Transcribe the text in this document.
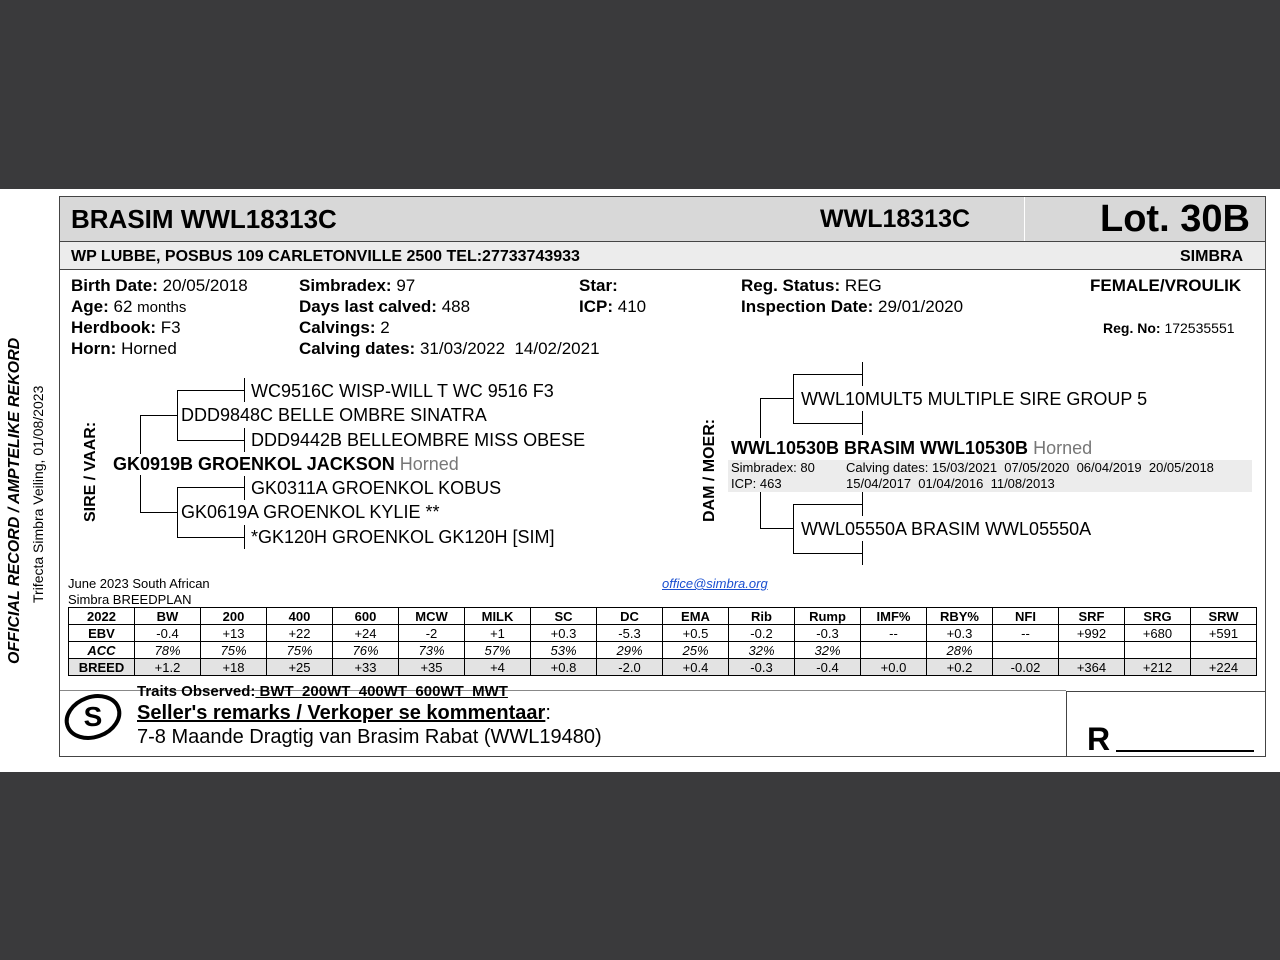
OFFICIAL RECORD / AMPTELIKE REKORD Trifecta Simbra Veiling, 01/08/2023
BRASIM WWL18313C	WWL18313C	Lot. 30B
WP LUBBE, POSBUS 109 CARLETONVILLE 2500 TEL:27733743933	SIMBRA
Birth Date: 20/05/2018
Age: 62 months
Herdbook: F3
Horn: Horned
Simbradex: 97
Days last calved: 488
Calvings: 2
Calving dates: 31/03/2022  14/02/2021
Star:
ICP: 410
Reg. Status: REG
Inspection Date: 29/01/2020
FEMALE/VROULIK
Reg. No: 172535551
SIRE / VAAR:
WC9516C WISP-WILL T WC 9516 F3
DDD9848C BELLE OMBRE SINATRA
DDD9442B BELLEOMBRE MISS OBESE
GK0919B GROENKOL JACKSON Horned
GK0311A GROENKOL KOBUS
GK0619A GROENKOL KYLIE **
*GK120H GROENKOL GK120H [SIM]
DAM / MOER:
WWL10MULT5 MULTIPLE SIRE GROUP 5
WWL10530B BRASIM WWL10530B Horned
Simbradex: 80
ICP: 463
Calving dates: 15/03/2021  07/05/2020  06/04/2019  20/05/2018
15/04/2017  01/04/2016  11/08/2013
WWL05550A BRASIM WWL05550A
June 2023 South African
Simbra BREEDPLAN
office@simbra.org
2022	BW	200	400	600	MCW	MILK	SC	DC	EMA	Rib	Rump	IMF%	RBY%	NFI	SRF	SRG	SRW
EBV	-0.4	+13	+22	+24	-2	+1	+0.3	-5.3	+0.5	-0.2	-0.3	--	+0.3	--	+992	+680	+591
ACC	78%	75%	75%	76%	73%	57%	53%	29%	25%	32%	32%		28%				
BREED	+1.2	+18	+25	+33	+35	+4	+0.8	-2.0	+0.4	-0.3	-0.4	+0.0	+0.2	-0.02	+364	+212	+224
S
Traits Observed: BWT  200WT  400WT  600WT  MWT
Seller's remarks / Verkoper se kommentaar:
7-8 Maande Dragtig van Brasim Rabat (WWL19480)	R
